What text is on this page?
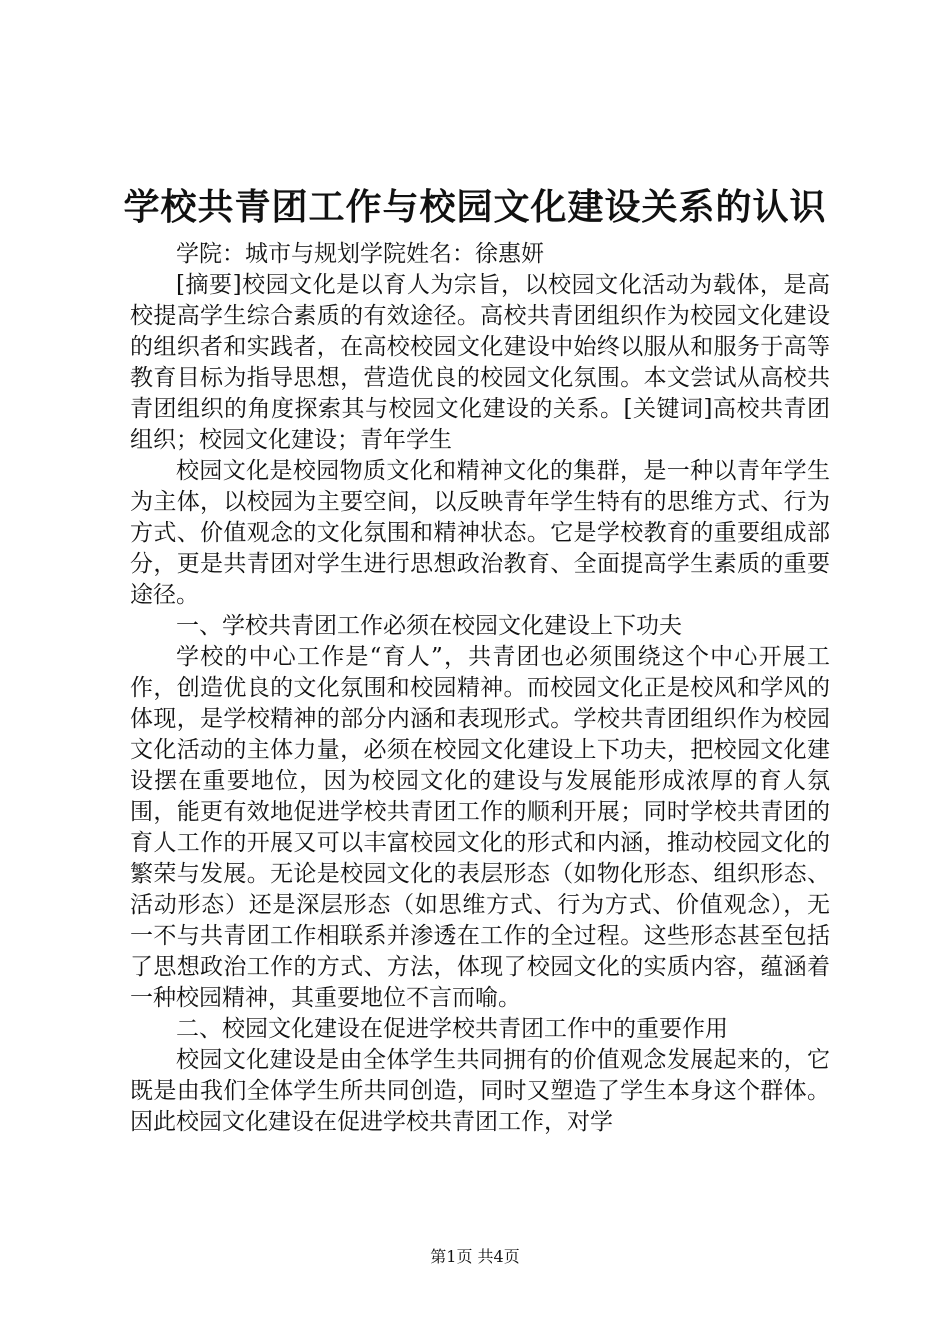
学校共青团工作与校园文化建设关系的认识

学院：城市与规划学院姓名：徐惠妍

[摘要]校园文化是以育人为宗旨，以校园文化活动为载体，是高校提高学生综合素质的有效途径。高校共青团组织作为校园文化建设的组织者和实践者，在高校校园文化建设中始终以服从和服务于高等教育目标为指导思想，营造优良的校园文化氛围。本文尝试从高校共青团组织的角度探索其与校园文化建设的关系。[关键词]高校共青团组织；校园文化建设；青年学生

校园文化是校园物质文化和精神文化的集群，是一种以青年学生为主体，以校园为主要空间，以反映青年学生特有的思维方式、行为方式、价值观念的文化氛围和精神状态。它是学校教育的重要组成部分，更是共青团对学生进行思想政治教育、全面提高学生素质的重要途径。

一、学校共青团工作必须在校园文化建设上下功夫

学校的中心工作是“育人”，共青团也必须围绕这个中心开展工作，创造优良的文化氛围和校园精神。而校园文化正是校风和学风的体现，是学校精神的部分内涵和表现形式。学校共青团组织作为校园文化活动的主体力量，必须在校园文化建设上下功夫，把校园文化建设摆在重要地位，因为校园文化的建设与发展能形成浓厚的育人氛围，能更有效地促进学校共青团工作的顺利开展；同时学校共青团的育人工作的开展又可以丰富校园文化的形式和内涵，推动校园文化的繁荣与发展。无论是校园文化的表层形态（如物化形态、组织形态、活动形态）还是深层形态（如思维方式、行为方式、价值观念），无一不与共青团工作相联系并渗透在工作的全过程。这些形态甚至包括了思想政治工作的方式、方法，体现了校园文化的实质内容，蕴涵着一种校园精神，其重要地位不言而喻。

二、校园文化建设在促进学校共青团工作中的重要作用

校园文化建设是由全体学生共同拥有的价值观念发展起来的，它既是由我们全体学生所共同创造，同时又塑造了学生本身这个群体。因此校园文化建设在促进学校共青团工作，对学

第1页 共4页
